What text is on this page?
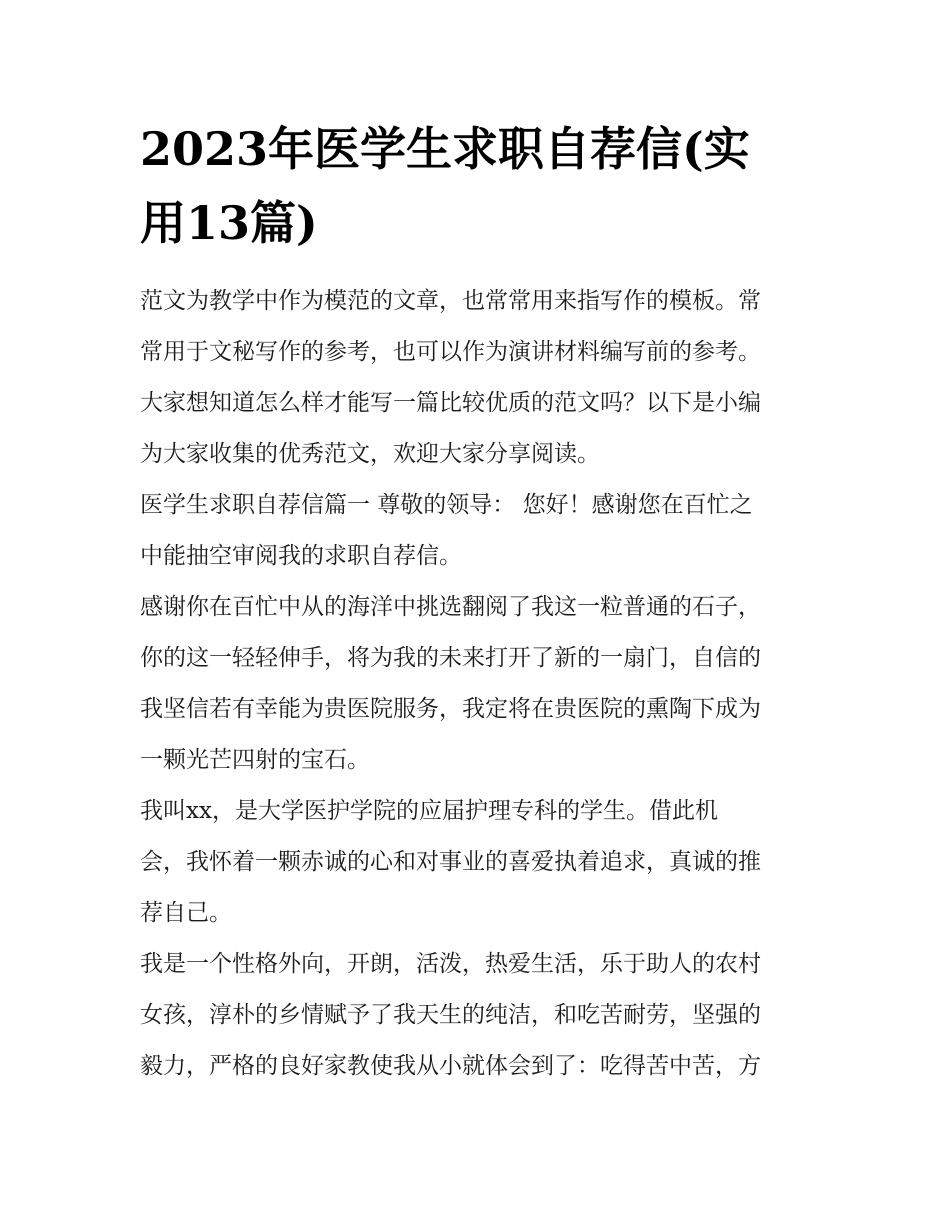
2023年医学生求职自荐信(实
用13篇)

范文为教学中作为模范的文章，也常常用来指写作的模板。常
常用于文秘写作的参考，也可以作为演讲材料编写前的参考。
大家想知道怎么样才能写一篇比较优质的范文吗？以下是小编
为大家收集的优秀范文，欢迎大家分享阅读。

医学生求职自荐信篇一 尊敬的领导： 您好！感谢您在百忙之
中能抽空审阅我的求职自荐信。

感谢你在百忙中从的海洋中挑选翻阅了我这一粒普通的石子，
你的这一轻轻伸手，将为我的未来打开了新的一扇门，自信的
我坚信若有幸能为贵医院服务，我定将在贵医院的熏陶下成为
一颗光芒四射的宝石。

我叫xx，是大学医护学院的应届护理专科的学生。借此机
会，我怀着一颗赤诚的心和对事业的喜爱执着追求，真诚的推
荐自己。

我是一个性格外向，开朗，活泼，热爱生活，乐于助人的农村
女孩，淳朴的乡情赋予了我天生的纯洁，和吃苦耐劳，坚强的
毅力，严格的良好家教使我从小就体会到了：吃得苦中苦，方
